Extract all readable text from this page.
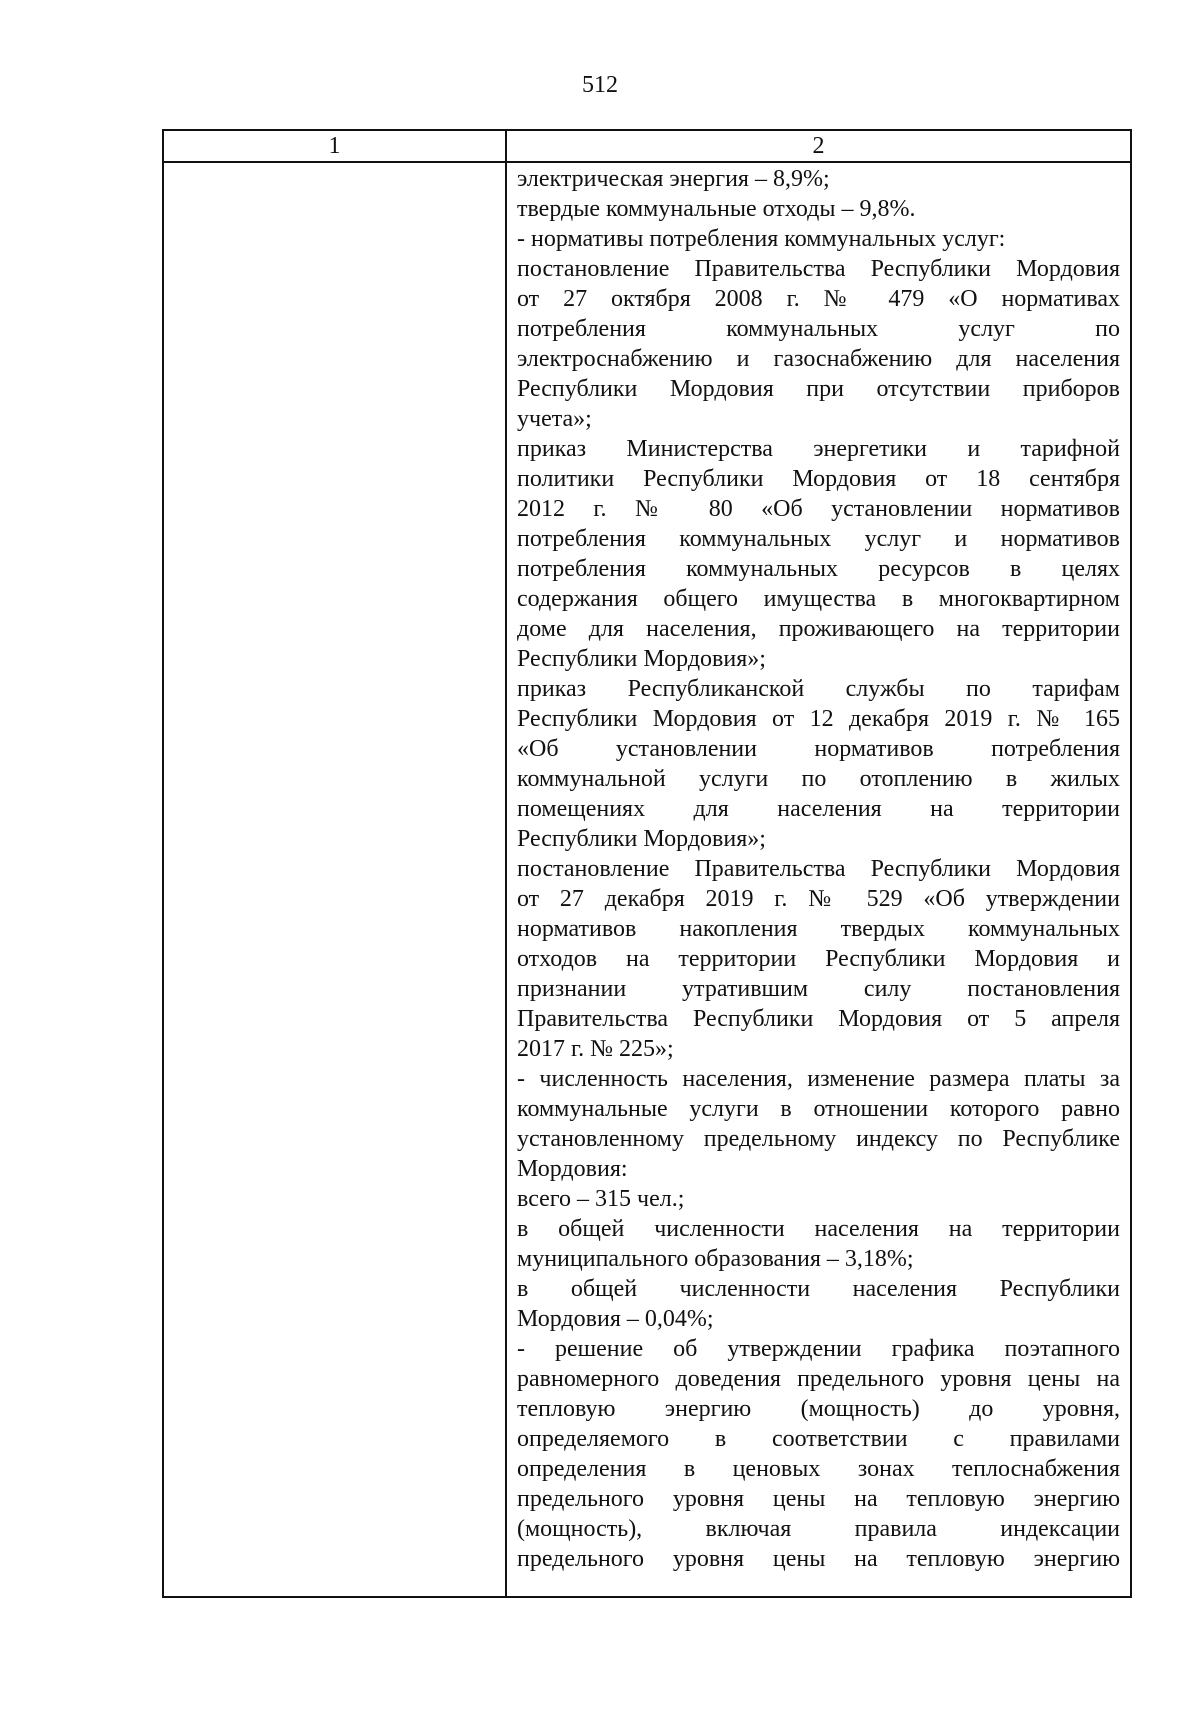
512
1	2
электрическая энергия – 8,9%;
твердые коммунальные отходы – 9,8%.
- нормативы потребления коммунальных услуг:
постановление Правительства Республики Мордовия
от 27 октября 2008 г. № 479 «О нормативах
потребления коммунальных услуг по
электроснабжению и газоснабжению для населения
Республики Мордовия при отсутствии приборов
учета»;
приказ Министерства энергетики и тарифной
политики Республики Мордовия от 18 сентября
2012 г. № 80 «Об установлении нормативов
потребления коммунальных услуг и нормативов
потребления коммунальных ресурсов в целях
содержания общего имущества в многоквартирном
доме для населения, проживающего на территории
Республики Мордовия»;
приказ Республиканской службы по тарифам
Республики Мордовия от 12 декабря 2019 г. № 165
«Об установлении нормативов потребления
коммунальной услуги по отоплению в жилых
помещениях для населения на территории
Республики Мордовия»;
постановление Правительства Республики Мордовия
от 27 декабря 2019 г. № 529 «Об утверждении
нормативов накопления твердых коммунальных
отходов на территории Республики Мордовия и
признании утратившим силу постановления
Правительства Республики Мордовия от 5 апреля
2017 г. № 225»;
- численность населения, изменение размера платы за
коммунальные услуги в отношении которого равно
установленному предельному индексу по Республике
Мордовия:
всего – 315 чел.;
в общей численности населения на территории
муниципального образования – 3,18%;
в общей численности населения Республики
Мордовия – 0,04%;
- решение об утверждении графика поэтапного
равномерного доведения предельного уровня цены на
тепловую энергию (мощность) до уровня,
определяемого в соответствии с правилами
определения в ценовых зонах теплоснабжения
предельного уровня цены на тепловую энергию
(мощность), включая правила индексации
предельного уровня цены на тепловую энергию
